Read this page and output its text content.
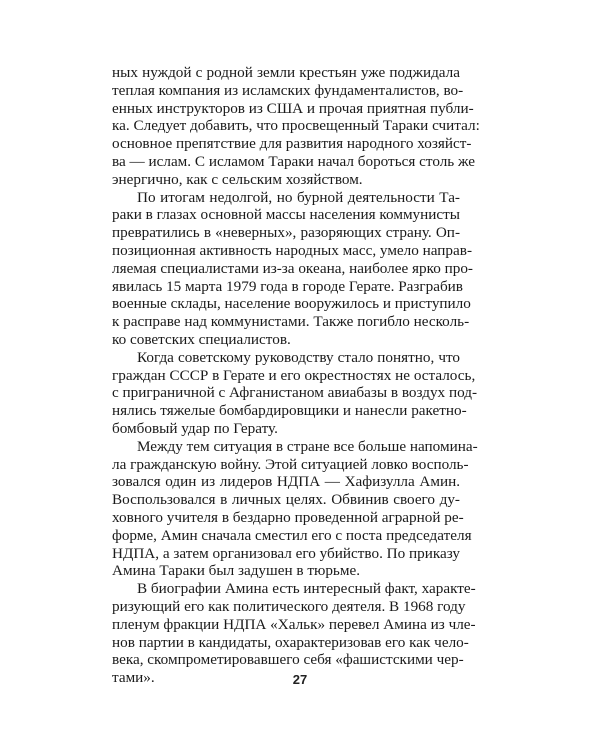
ных нуждой с родной земли крестьян уже поджидала
теплая компания из исламских фундаменталистов, во-
енных инструкторов из США и прочая приятная публи-
ка. Следует добавить, что просвещенный Тараки считал:
основное препятствие для развития народного хозяйст-
ва — ислам. С исламом Тараки начал бороться столь же
энергично, как с сельским хозяйством.
По итогам недолгой, но бурной деятельности Та-
раки в глазах основной массы населения коммунисты
превратились в «неверных», разоряющих страну. Оп-
позиционная активность народных масс, умело направ-
ляемая специалистами из-за океана, наиболее ярко про-
явилась 15 марта 1979 года в городе Герате. Разграбив
военные склады, население вооружилось и приступило
к расправе над коммунистами. Также погибло несколь-
ко советских специалистов.
Когда советскому руководству стало понятно, что
граждан СССР в Герате и его окрестностях не осталось,
с приграничной с Афганистаном авиабазы в воздух под-
нялись тяжелые бомбардировщики и нанесли ракетно-
бомбовый удар по Герату.
Между тем ситуация в стране все больше напомина-
ла гражданскую войну. Этой ситуацией ловко восполь-
зовался один из лидеров НДПА — Хафизулла Амин.
Воспользовался в личных целях. Обвинив своего ду-
ховного учителя в бездарно проведенной аграрной ре-
форме, Амин сначала сместил его с поста председателя
НДПА, а затем организовал его убийство. По приказу
Амина Тараки был задушен в тюрьме.
В биографии Амина есть интересный факт, характе-
ризующий его как политического деятеля. В 1968 году
пленум фракции НДПА «Хальк» перевел Амина из чле-
нов партии в кандидаты, охарактеризовав его как чело-
века, скомпрометировавшего себя «фашистскими чер-
тами».	27
